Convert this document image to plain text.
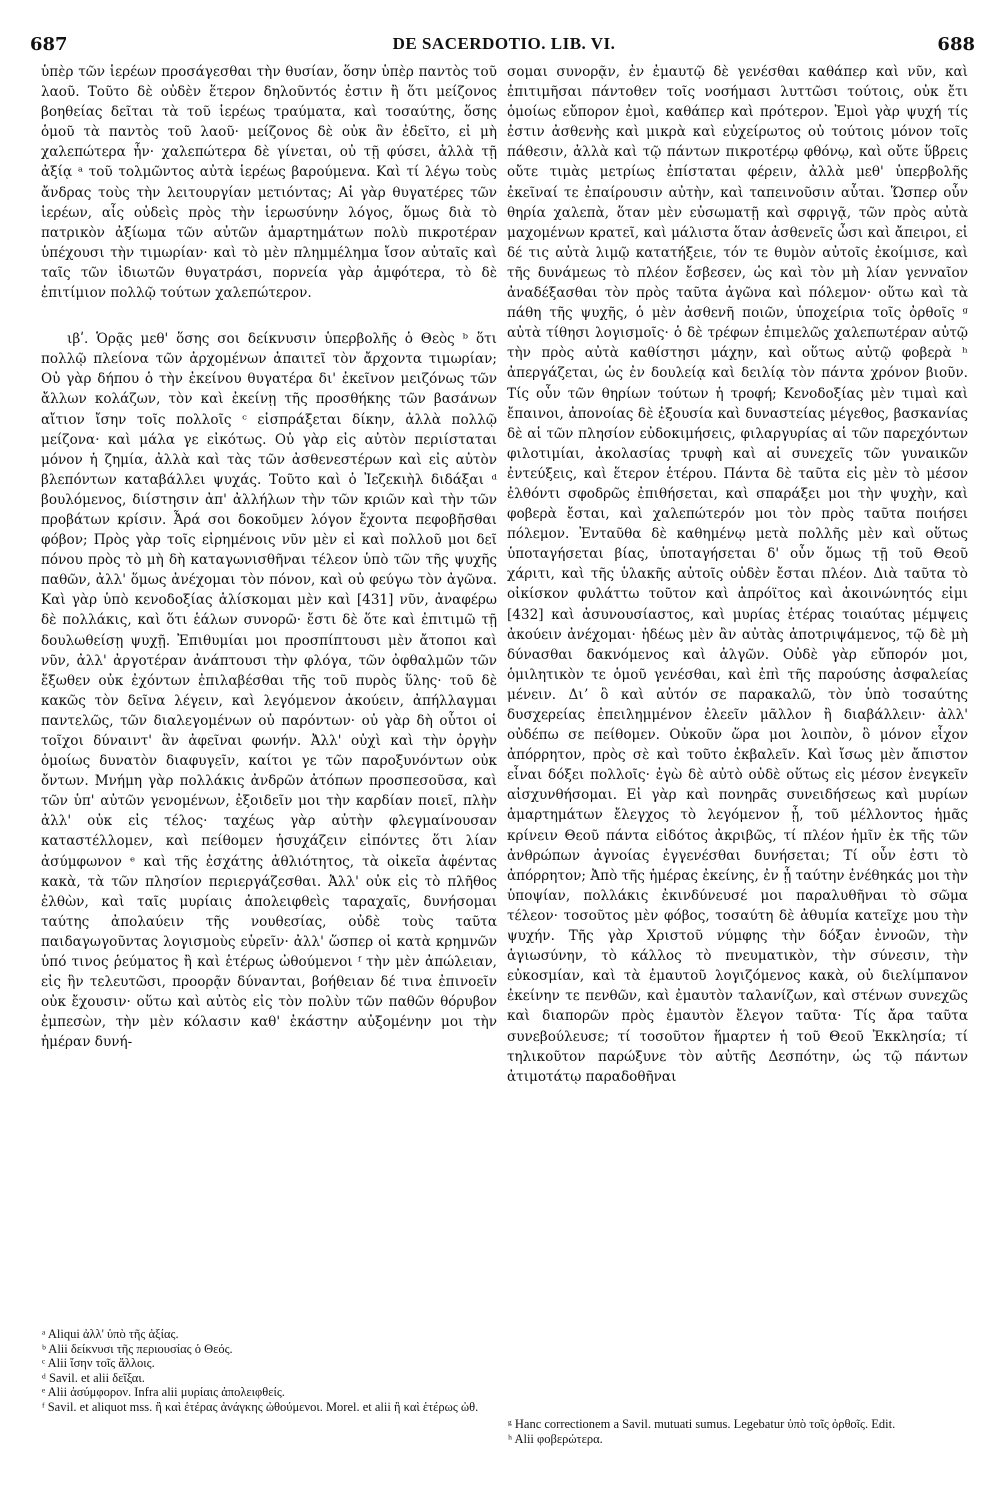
687	DE SACERDOTIO. LIB. VI.	688

ὑπὲρ τῶν ἱερέων προσάγεσθαι τὴν θυσίαν, ὅσην ὑπὲρ παντὸς τοῦ λαοῦ. Τοῦτο δὲ οὐδὲν ἕτερον δηλοῦντός ἐστιν ἢ ὅτι μείζονος βοηθείας δεῖται τὰ τοῦ ἱερέως τραύματα, καὶ τοσαύτης, ὅσης ὁμοῦ τὰ παντὸς τοῦ λαοῦ· μείζονος δὲ οὐκ ἂν ἐδεῖτο, εἰ μὴ χαλεπώτερα ἦν· χαλεπώτερα δὲ γίνεται, οὐ τῇ φύσει, ἀλλὰ τῇ ἀξίᾳ ᵃ τοῦ τολμῶντος αὐτὰ ἱερέως βαρούμενα. Καὶ τί λέγω τοὺς ἄνδρας τοὺς τὴν λειτουργίαν μετιόντας; Αἱ γὰρ θυγατέρες τῶν ἱερέων, αἷς οὐδεὶς πρὸς τὴν ἱερωσύνην λόγος, ὅμως διὰ τὸ πατρικὸν ἀξίωμα τῶν αὐτῶν ἁμαρτημάτων πολὺ πικροτέραν ὑπέχουσι τὴν τιμωρίαν· καὶ τὸ μὲν πλημμέλημα ἴσον αὐταῖς καὶ ταῖς τῶν ἰδιωτῶν θυγατράσι, πορνεία γὰρ ἀμφότερα, τὸ δὲ ἐπιτίμιον πολλῷ τούτων χαλεπώτερον.

ιβʹ. Ὁρᾷς μεθ' ὅσης σοι δείκνυσιν ὑπερβολῆς ὁ Θεὸς ᵇ ὅτι πολλῷ πλείονα τῶν ἀρχομένων ἀπαιτεῖ τὸν ἄρχοντα τιμωρίαν; Οὐ γὰρ δήπου ὁ τὴν ἐκείνου θυγατέρα δι' ἐκεῖνον μειζόνως τῶν ἄλλων κολάζων, τὸν καὶ ἐκείνῃ τῆς προσθήκης τῶν βασάνων αἴτιον ἴσην τοῖς πολλοῖς ᶜ εἰσπράξεται δίκην, ἀλλὰ πολλῷ μείζονα· καὶ μάλα γε εἰκότως. Οὐ γὰρ εἰς αὐτὸν περιίσταται μόνον ἡ ζημία, ἀλλὰ καὶ τὰς τῶν ἀσθενεστέρων καὶ εἰς αὐτὸν βλεπόντων καταβάλλει ψυχάς. Τοῦτο καὶ ὁ Ἰεζεκιὴλ διδάξαι ᵈ βουλόμενος, διίστησιν ἀπ' ἀλλήλων τὴν τῶν κριῶν καὶ τὴν τῶν προβάτων κρίσιν. Ἆρά σοι δοκοῦμεν λόγον ἔχοντα πεφοβῆσθαι φόβον; Πρὸς γὰρ τοῖς εἰρημένοις νῦν μὲν εἰ καὶ πολλοῦ μοι δεῖ πόνου πρὸς τὸ μὴ δὴ καταγωνισθῆναι τέλεον ὑπὸ τῶν τῆς ψυχῆς παθῶν, ἀλλ' ὅμως ἀνέχομαι τὸν πόνον, καὶ οὐ φεύγω τὸν ἀγῶνα. Καὶ γὰρ ὑπὸ κενοδοξίας ἁλίσκομαι μὲν καὶ [431] νῦν, ἀναφέρω δὲ πολλάκις, καὶ ὅτι ἑάλων συνορῶ· ἔστι δὲ ὅτε καὶ ἐπιτιμῶ τῇ δουλωθείσῃ ψυχῇ. Ἐπιθυμίαι μοι προσπίπτουσι μὲν ἄτοποι καὶ νῦν, ἀλλ' ἀργοτέραν ἀνάπτουσι τὴν φλόγα, τῶν ὀφθαλμῶν τῶν ἔξωθεν οὐκ ἐχόντων ἐπιλαβέσθαι τῆς τοῦ πυρὸς ὕλης· τοῦ δὲ κακῶς τὸν δεῖνα λέγειν, καὶ λεγόμενον ἀκούειν, ἀπήλλαγμαι παντελῶς, τῶν διαλεγομένων οὐ παρόντων· οὐ γὰρ δὴ οὗτοι οἱ τοῖχοι δύναιντ' ἂν ἀφεῖναι φωνήν. Ἀλλ' οὐχὶ καὶ τὴν ὀργὴν ὁμοίως δυνατὸν διαφυγεῖν, καίτοι γε τῶν παροξυνόντων οὐκ ὄντων. Μνήμη γὰρ πολλάκις ἀνδρῶν ἀτόπων προσπεσοῦσα, καὶ τῶν ὑπ' αὐτῶν γενομένων, ἐξοιδεῖν μοι τὴν καρδίαν ποιεῖ, πλὴν ἀλλ' οὐκ εἰς τέλος· ταχέως γὰρ αὐτὴν φλεγμαίνουσαν καταστέλλομεν, καὶ πείθομεν ἡσυχάζειν εἰπόντες ὅτι λίαν ἀσύμφωνον ᵉ καὶ τῆς ἐσχάτης ἀθλιότητος, τὰ οἰκεῖα ἀφέντας κακὰ, τὰ τῶν πλησίον περιεργάζεσθαι. Ἀλλ' οὐκ εἰς τὸ πλῆθος ἐλθὼν, καὶ ταῖς μυρίαις ἀπολειφθεὶς ταραχαῖς, δυνήσομαι ταύτης ἀπολαύειν τῆς νουθεσίας, οὐδὲ τοὺς ταῦτα παιδαγωγοῦντας λογισμοὺς εὑρεῖν· ἀλλ' ὥσπερ οἱ κατὰ κρημνῶν ὑπό τινος ῥεύματος ἢ καὶ ἑτέρως ὠθούμενοι ᶠ τὴν μὲν ἀπώλειαν, εἰς ἣν τελευτῶσι, προορᾷν δύνανται, βοήθειαν δέ τινα ἐπινοεῖν οὐκ ἔχουσιν· οὕτω καὶ αὐτὸς εἰς τὸν πολὺν τῶν παθῶν θόρυβον ἐμπεσὼν, τὴν μὲν κόλασιν καθ' ἑκάστην αὐξομένην μοι τὴν ἡμέραν δυνή-

σομαι συνορᾷν, ἐν ἐμαυτῷ δὲ γενέσθαι καθάπερ καὶ νῦν, καὶ ἐπιτιμῆσαι πάντοθεν τοῖς νοσήμασι λυττῶσι τούτοις, οὐκ ἔτι ὁμοίως εὔπορον ἐμοὶ, καθάπερ καὶ πρότερον. Ἐμοὶ γὰρ ψυχή τίς ἐστιν ἀσθενὴς καὶ μικρὰ καὶ εὐχείρωτος οὐ τούτοις μόνον τοῖς πάθεσιν, ἀλλὰ καὶ τῷ πάντων πικροτέρῳ φθόνῳ, καὶ οὔτε ὕβρεις οὔτε τιμὰς μετρίως ἐπίσταται φέρειν, ἀλλὰ μεθ' ὑπερβολῆς ἐκεῖναί τε ἐπαίρουσιν αὐτὴν, καὶ ταπεινοῦσιν αὗται. Ὥσπερ οὖν θηρία χαλεπὰ, ὅταν μὲν εὐσωματῇ καὶ σφριγᾷ, τῶν πρὸς αὐτὰ μαχομένων κρατεῖ, καὶ μάλιστα ὅταν ἀσθενεῖς ὦσι καὶ ἄπειροι, εἰ δέ τις αὐτὰ λιμῷ κατατήξειε, τόν τε θυμὸν αὐτοῖς ἐκοίμισε, καὶ τῆς δυνάμεως τὸ πλέον ἔσβεσεν, ὡς καὶ τὸν μὴ λίαν γενναῖον ἀναδέξασθαι τὸν πρὸς ταῦτα ἀγῶνα καὶ πόλεμον· οὕτω καὶ τὰ πάθη τῆς ψυχῆς, ὁ μὲν ἀσθενῆ ποιῶν, ὑποχείρια τοῖς ὀρθοῖς ᵍ αὐτὰ τίθησι λογισμοῖς· ὁ δὲ τρέφων ἐπιμελῶς χαλεπωτέραν αὐτῷ τὴν πρὸς αὐτὰ καθίστησι μάχην, καὶ οὕτως αὐτῷ φοβερὰ ʰ ἀπεργάζεται, ὡς ἐν δουλείᾳ καὶ δειλίᾳ τὸν πάντα χρόνον βιοῦν. Τίς οὖν τῶν θηρίων τούτων ἡ τροφή; Κενοδοξίας μὲν τιμαὶ καὶ ἔπαινοι, ἀπονοίας δὲ ἐξουσία καὶ δυναστείας μέγεθος, βασκανίας δὲ αἱ τῶν πλησίον εὐδοκιμήσεις, φιλαργυρίας αἱ τῶν παρεχόντων φιλοτιμίαι, ἀκολασίας τρυφὴ καὶ αἱ συνεχεῖς τῶν γυναικῶν ἐντεύξεις, καὶ ἕτερον ἑτέρου. Πάντα δὲ ταῦτα εἰς μὲν τὸ μέσον ἐλθόντι σφοδρῶς ἐπιθήσεται, καὶ σπαράξει μοι τὴν ψυχὴν, καὶ φοβερὰ ἔσται, καὶ χαλεπώτερόν μοι τὸν πρὸς ταῦτα ποιήσει πόλεμον. Ἐνταῦθα δὲ καθημένῳ μετὰ πολλῆς μὲν καὶ οὕτως ὑποταγήσεται βίας, ὑποταγήσεται δ' οὖν ὅμως τῇ τοῦ Θεοῦ χάριτι, καὶ τῆς ὑλακῆς αὐτοῖς οὐδὲν ἔσται πλέον. Διὰ ταῦτα τὸ οἰκίσκον φυλάττω τοῦτον καὶ ἀπρόϊτος καὶ ἀκοινώνητός εἰμι [432] καὶ ἀσυνουσίαστος, καὶ μυρίας ἑτέρας τοιαύτας μέμψεις ἀκούειν ἀνέχομαι· ἡδέως μὲν ἂν αὐτὰς ἀποτριψάμενος, τῷ δὲ μὴ δύνασθαι δακνόμενος καὶ ἀλγῶν. Οὐδὲ γὰρ εὔπορόν μοι, ὁμιλητικὸν τε ὁμοῦ γενέσθαι, καὶ ἐπὶ τῆς παρούσης ἀσφαλείας μένειν. Διʼ ὃ καὶ αὐτόν σε παρακαλῶ, τὸν ὑπὸ τοσαύτης δυσχερείας ἐπειλημμένον ἐλεεῖν μᾶλλον ἢ διαβάλλειν· ἀλλ' οὐδέπω σε πείθομεν. Οὐκοῦν ὥρα μοι λοιπὸν, ὃ μόνον εἶχον ἀπόρρητον, πρὸς σὲ καὶ τοῦτο ἐκβαλεῖν. Καὶ ἴσως μὲν ἄπιστον εἶναι δόξει πολλοῖς· ἐγὼ δὲ αὐτὸ οὐδὲ οὕτως εἰς μέσον ἐνεγκεῖν αἰσχυνθήσομαι. Εἰ γὰρ καὶ πονηρᾶς συνειδήσεως καὶ μυρίων ἁμαρτημάτων ἔλεγχος τὸ λεγόμενον ᾖ, τοῦ μέλλοντος ἡμᾶς κρίνειν Θεοῦ πάντα εἰδότος ἀκριβῶς, τί πλέον ἡμῖν ἐκ τῆς τῶν ἀνθρώπων ἀγνοίας ἐγγενέσθαι δυνήσεται; Τί οὖν ἐστι τὸ ἀπόρρητον; Ἀπὸ τῆς ἡμέρας ἐκείνης, ἐν ᾗ ταύτην ἐνέθηκάς μοι τὴν ὑποψίαν, πολλάκις ἐκινδύνευσέ μοι παραλυθῆναι τὸ σῶμα τέλεον· τοσοῦτος μὲν φόβος, τοσαύτη δὲ ἀθυμία κατεῖχε μου τὴν ψυχήν. Τῆς γὰρ Χριστοῦ νύμφης τὴν δόξαν ἐννοῶν, τὴν ἁγιωσύνην, τὸ κάλλος τὸ πνευματικὸν, τὴν σύνεσιν, τὴν εὐκοσμίαν, καὶ τὰ ἐμαυτοῦ λογιζόμενος κακὰ, οὐ διελίμπανον ἐκείνην τε πενθῶν, καὶ ἐμαυτὸν ταλανίζων, καὶ στένων συνεχῶς καὶ διαπορῶν πρὸς ἐμαυτὸν ἔλεγον ταῦτα· Τίς ἄρα ταῦτα συνεβούλευσε; τί τοσοῦτον ἥμαρτεν ἡ τοῦ Θεοῦ Ἐκκλησία; τί τηλικοῦτον παρώξυνε τὸν αὐτῆς Δεσπότην, ὡς τῷ πάντων ἀτιμοτάτῳ παραδοθῆναι

ᵃ Aliqui ἀλλ' ὑπὸ τῆς ἀξίας.
ᵇ Alii δείκνυσι τῆς περιουσίας ὁ Θεός.
ᶜ Alii ἴσην τοῖς ἄλλοις.
ᵈ Savil. et alii δεῖξαι.
ᵉ Alii ἀσύμφορον. Infra alii μυρίαις ἀπολειφθείς.
ᶠ Savil. et aliquot mss. ἢ καὶ ἑτέρας ἀνάγκης ὠθούμενοι. Morel. et alii ἢ καὶ ἑτέρως ὠθ.
ᵍ Hanc correctionem a Savil. mutuati sumus. Legebatur ὑπὸ τοῖς ὀρθοῖς. Edit.
ʰ Alii φοβερώτερα.
